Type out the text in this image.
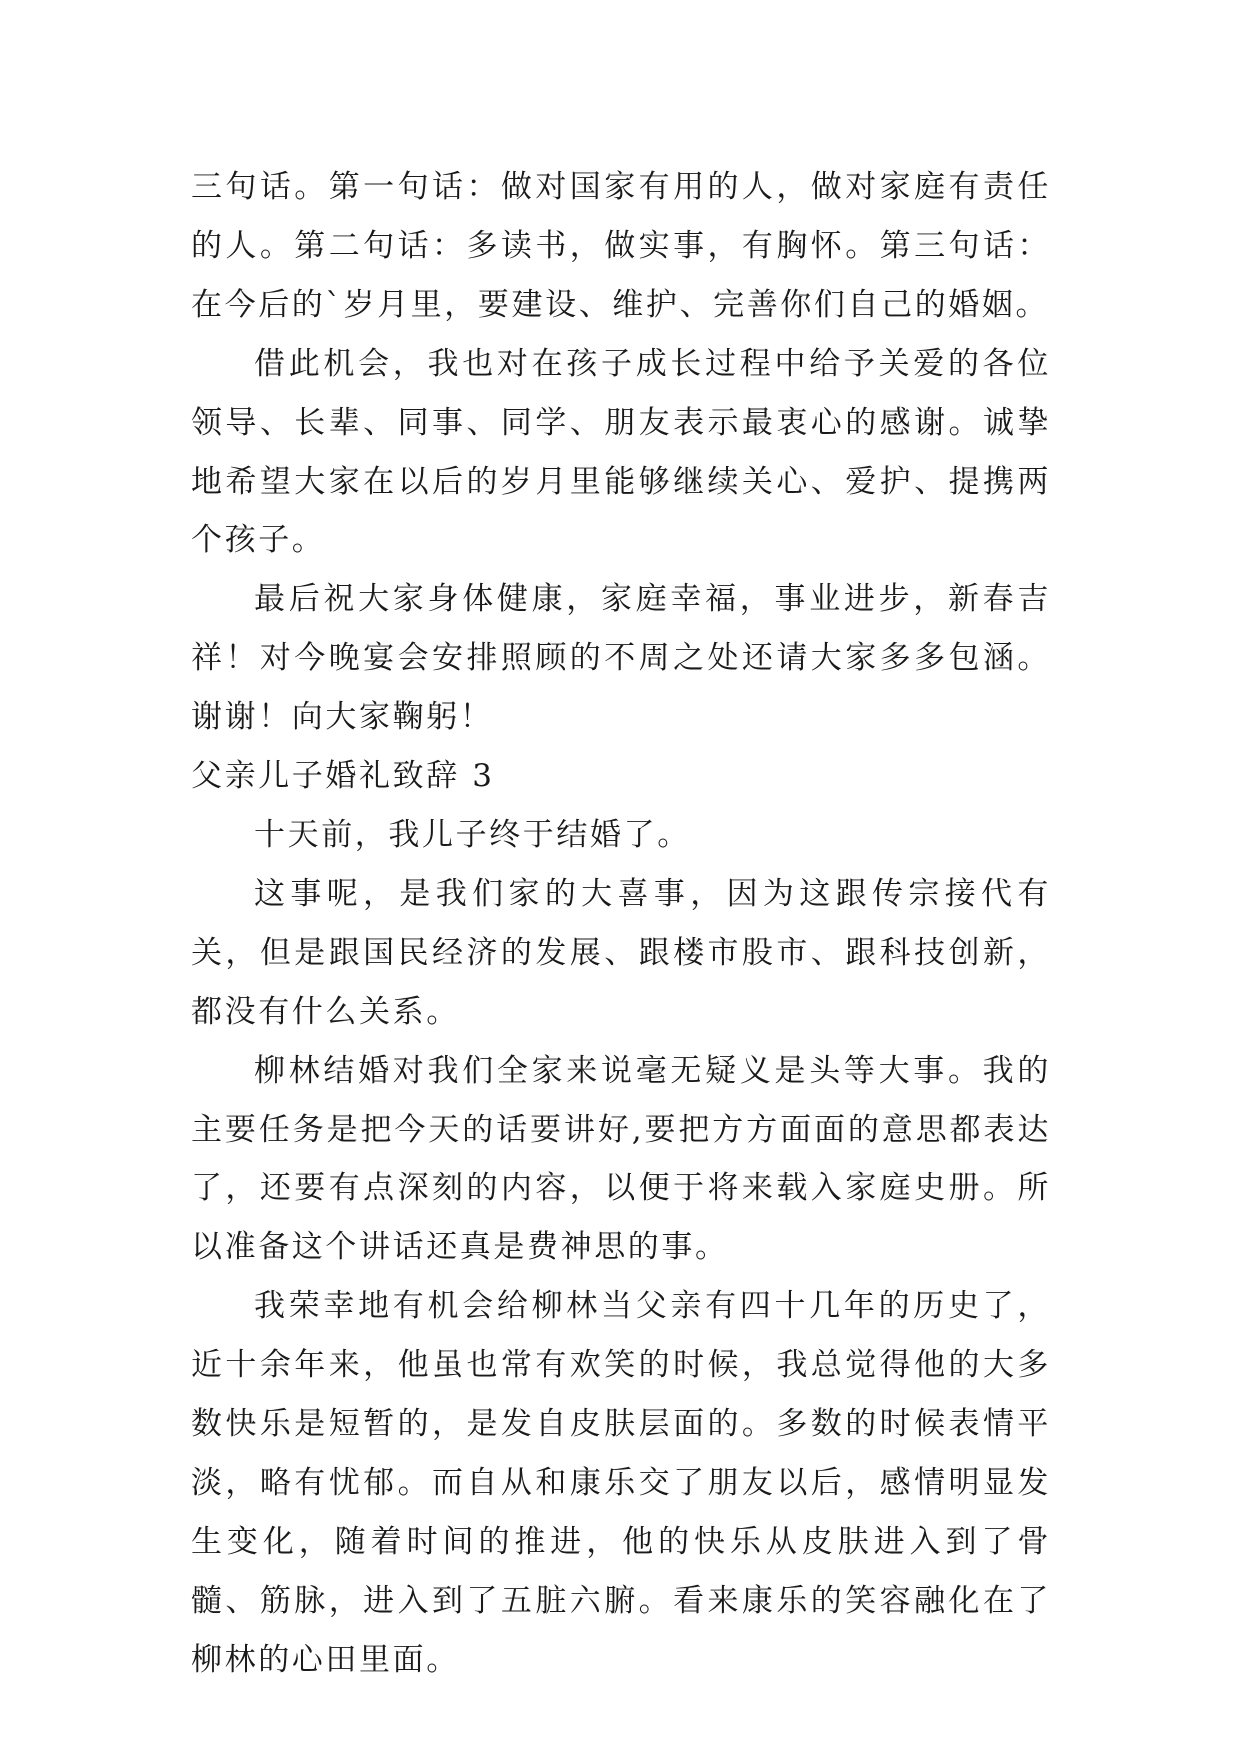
三句话。第一句话：做对国家有用的人，做对家庭有责任的人。第二句话：多读书，做实事，有胸怀。第三句话：在今后的`岁月里，要建设、维护、完善你们自己的婚姻。

借此机会，我也对在孩子成长过程中给予关爱的各位领导、长辈、同事、同学、朋友表示最衷心的感谢。诚挚地希望大家在以后的岁月里能够继续关心、爱护、提携两个孩子。

最后祝大家身体健康，家庭幸福，事业进步，新春吉祥！对今晚宴会安排照顾的不周之处还请大家多多包涵。谢谢！向大家鞠躬！

父亲儿子婚礼致辞 3

十天前，我儿子终于结婚了。

这事呢，是我们家的大喜事，因为这跟传宗接代有关，但是跟国民经济的发展、跟楼市股市、跟科技创新，都没有什么关系。

柳林结婚对我们全家来说毫无疑义是头等大事。我的主要任务是把今天的话要讲好,要把方方面面的意思都表达了，还要有点深刻的内容，以便于将来载入家庭史册。所以准备这个讲话还真是费神思的事。

我荣幸地有机会给柳林当父亲有四十几年的历史了，近十余年来，他虽也常有欢笑的时候，我总觉得他的大多数快乐是短暂的，是发自皮肤层面的。多数的时候表情平淡，略有忧郁。而自从和康乐交了朋友以后，感情明显发生变化，随着时间的推进，他的快乐从皮肤进入到了骨髓、筋脉，进入到了五脏六腑。看来康乐的笑容融化在了柳林的心田里面。
